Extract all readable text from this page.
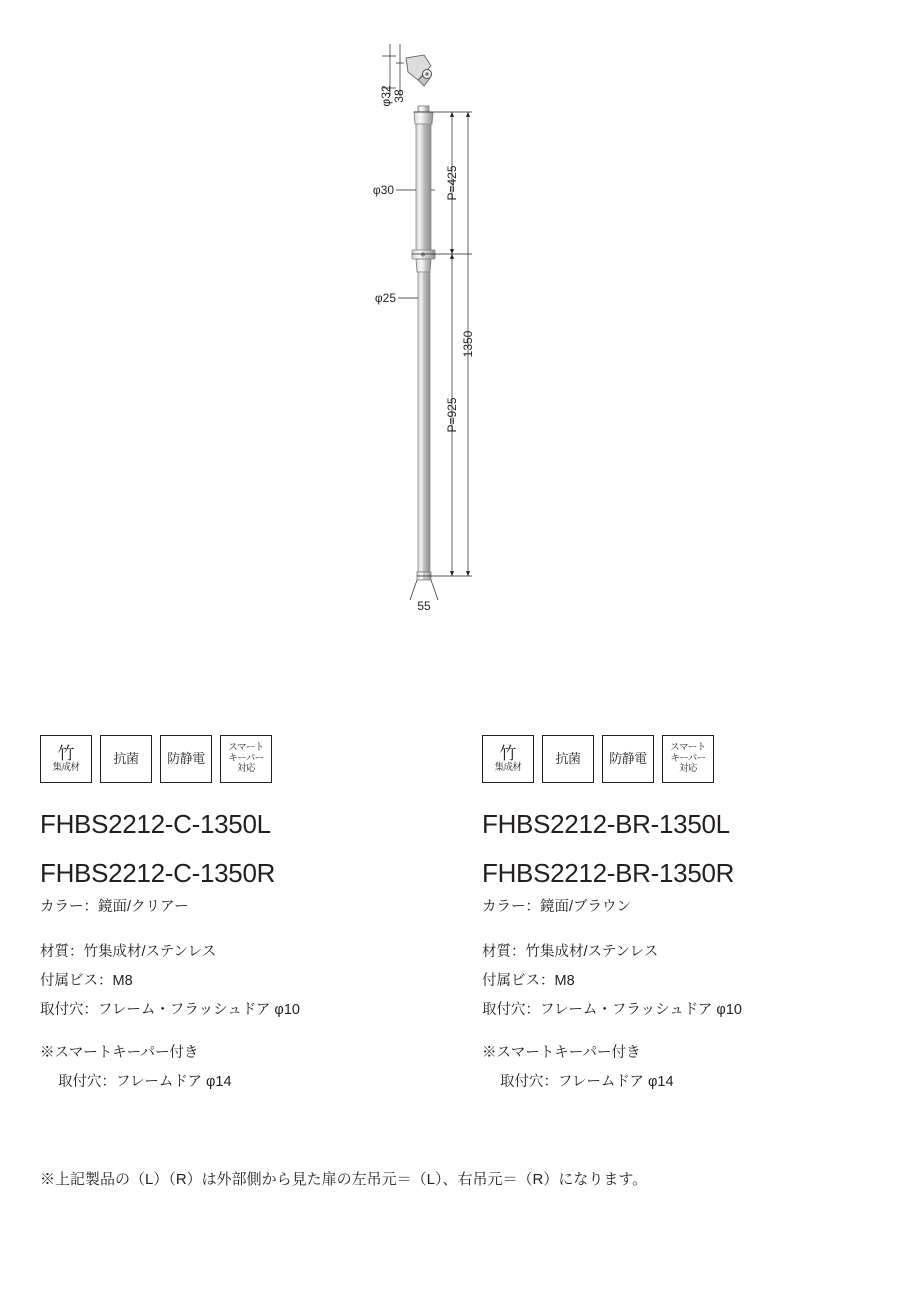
φ32 38
φ30
φ25
P=425
P=925
1350
55
竹
集成材
抗菌 防静電
スマート
キーパー
対応

FHBS2212-C-1350L

FHBS2212-C-1350R

カラー：鏡面/クリアー

材質：竹集成材/ステンレス

付属ビス：M8

取付穴：フレーム・フラッシュドア φ10

※スマートキーパー付き

取付穴：フレームドア φ14

竹
集成材
抗菌 防静電
スマート
キーパー
対応

FHBS2212-BR-1350L

FHBS2212-BR-1350R

カラー：鏡面/ブラウン

材質：竹集成材/ステンレス

付属ビス：M8

取付穴：フレーム・フラッシュドア φ10

※スマートキーパー付き

取付穴：フレームドア φ14

※上記製品の（L）（R）は外部側から見た扉の左吊元＝（L）、右吊元＝（R）になります。
